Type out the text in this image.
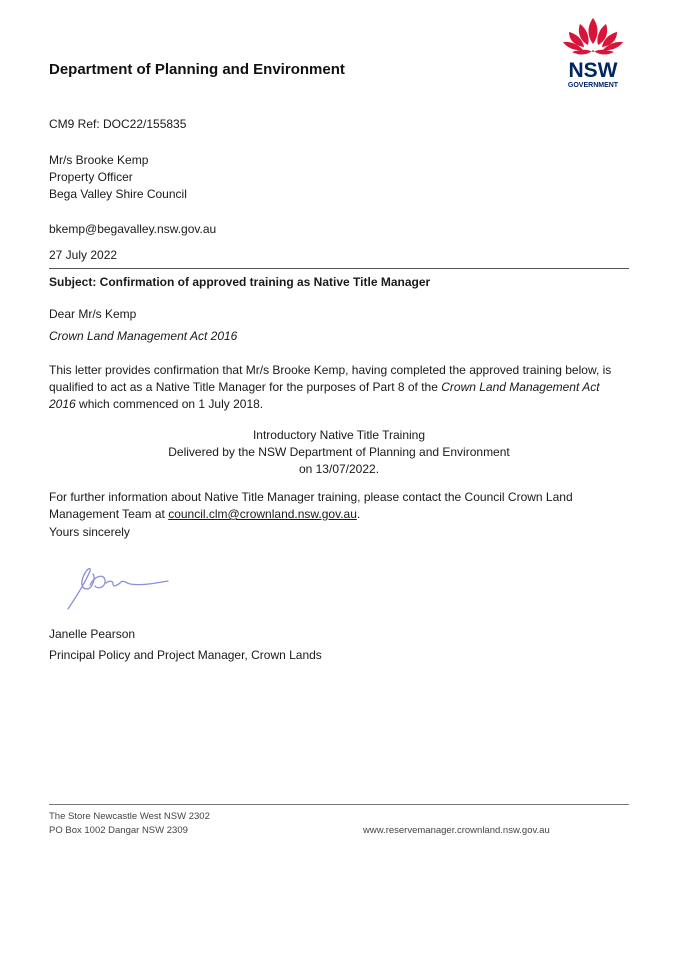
Department of Planning and Environment	NSW
GOVERNMENT
CM9 Ref: DOC22/155835
Mr/s Brooke Kemp
Property Officer
Bega Valley Shire Council
bkemp@begavalley.nsw.gov.au
27 July 2022
Subject: Confirmation of approved training as Native Title Manager
Dear Mr/s Kemp
Crown Land Management Act 2016
This letter provides confirmation that Mr/s Brooke Kemp, having completed the approved training below, is qualified to act as a Native Title Manager for the purposes of Part 8 of the Crown Land Management Act 2016 which commenced on 1 July 2018.
Introductory Native Title Training
Delivered by the NSW Department of Planning and Environment
on 13/07/2022.
For further information about Native Title Manager training, please contact the Council Crown Land Management Team at council.clm@crownland.nsw.gov.au.
Yours sincerely
Janelle Pearson
Principal Policy and Project Manager, Crown Lands
The Store Newcastle West NSW 2302
PO Box 1002 Dangar NSW 2309	www.reservemanager.crownland.nsw.gov.au
